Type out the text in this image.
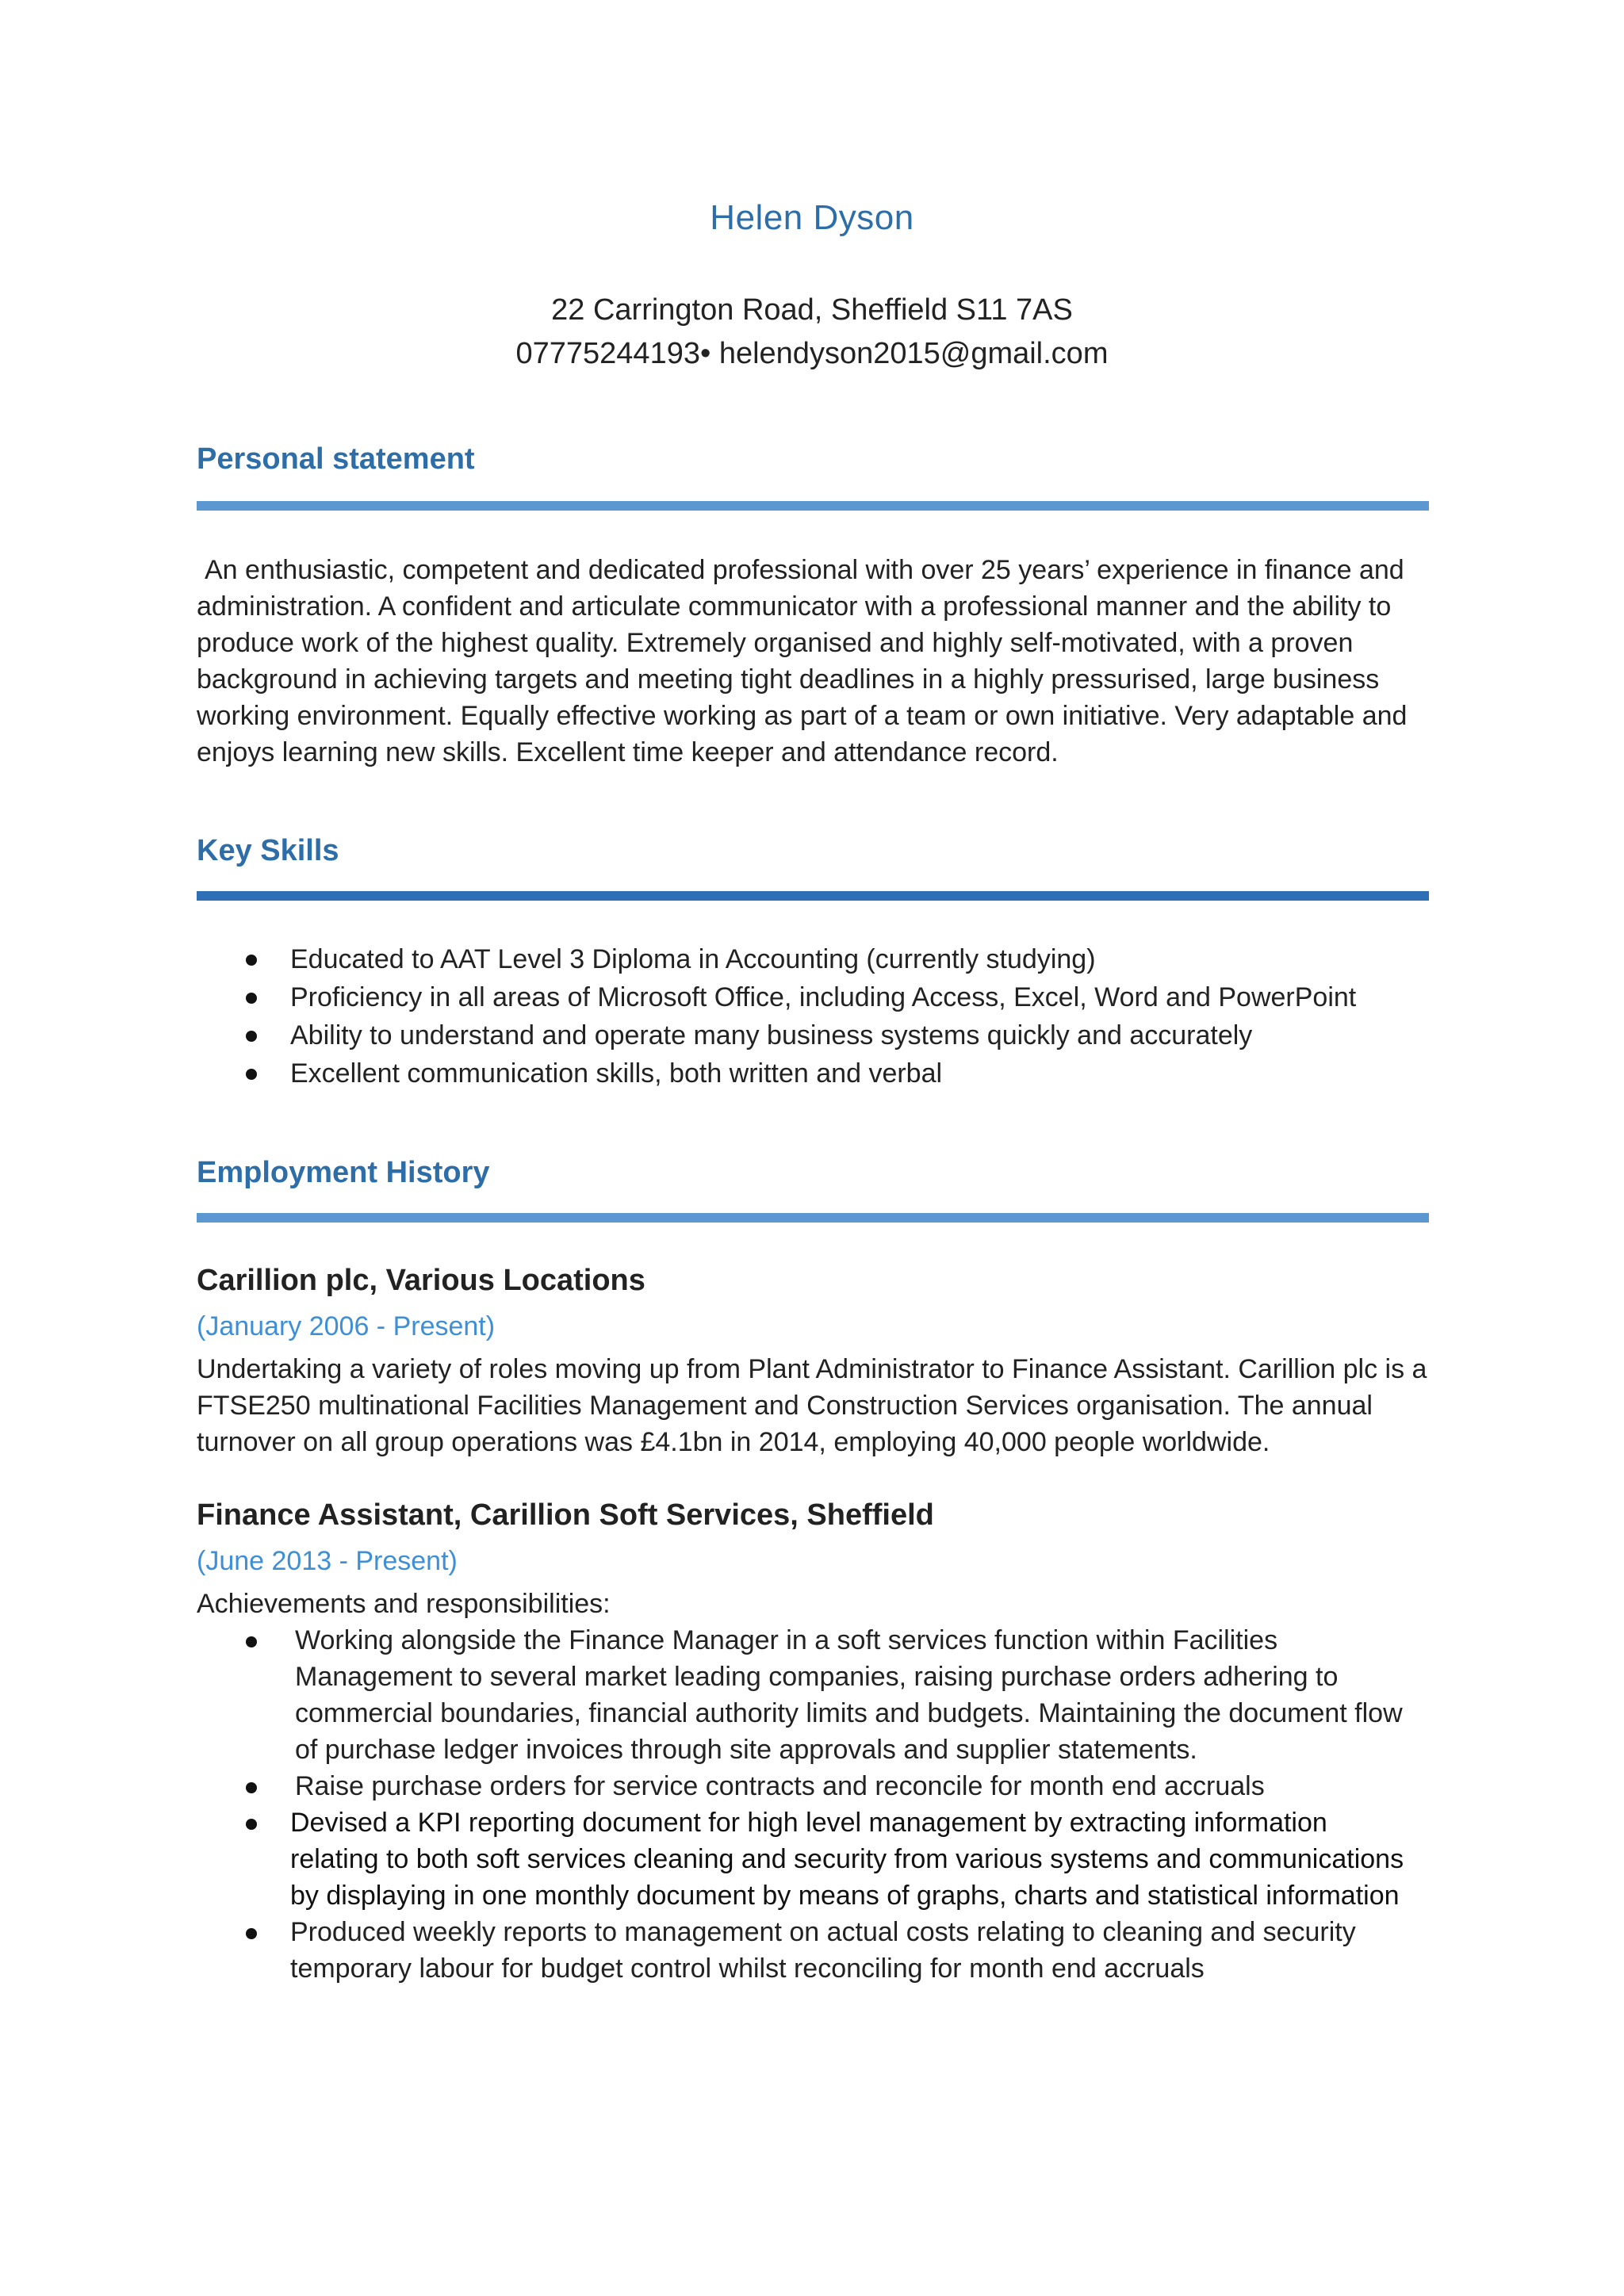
Helen Dyson
22 Carrington Road, Sheffield S11 7AS
07775244193• helendyson2015@gmail.com
Personal statement
An enthusiastic, competent and dedicated professional with over 25 years’ experience in finance and administration. A confident and articulate communicator with a professional manner and the ability to produce work of the highest quality. Extremely organised and highly self-motivated, with a proven background in achieving targets and meeting tight deadlines in a highly pressurised, large business working environment. Equally effective working as part of a team or own initiative. Very adaptable and enjoys learning new skills. Excellent time keeper and attendance record.
Key Skills
Educated to AAT Level 3 Diploma in Accounting (currently studying)
Proficiency in all areas of Microsoft Office, including Access, Excel, Word and PowerPoint
Ability to understand and operate many business systems quickly and accurately
Excellent communication skills, both written and verbal
Employment History
Carillion plc, Various Locations
(January 2006 - Present)
Undertaking a variety of roles moving up from Plant Administrator to Finance Assistant. Carillion plc is a FTSE250 multinational Facilities Management and Construction Services organisation. The annual turnover on all group operations was £4.1bn in 2014, employing 40,000 people worldwide.
Finance Assistant, Carillion Soft Services, Sheffield
(June 2013 - Present)
Achievements and responsibilities:
Working alongside the Finance Manager in a soft services function within Facilities Management to several market leading companies, raising purchase orders adhering to commercial boundaries, financial authority limits and budgets. Maintaining the document flow of purchase ledger invoices through site approvals and supplier statements.
Raise purchase orders for service contracts and reconcile for month end accruals
Devised a KPI reporting document for high level management by extracting information relating to both soft services cleaning and security from various systems and communications by displaying in one monthly document by means of graphs, charts and statistical information
Produced weekly reports to management on actual costs relating to cleaning and security temporary labour for budget control whilst reconciling for month end accruals
